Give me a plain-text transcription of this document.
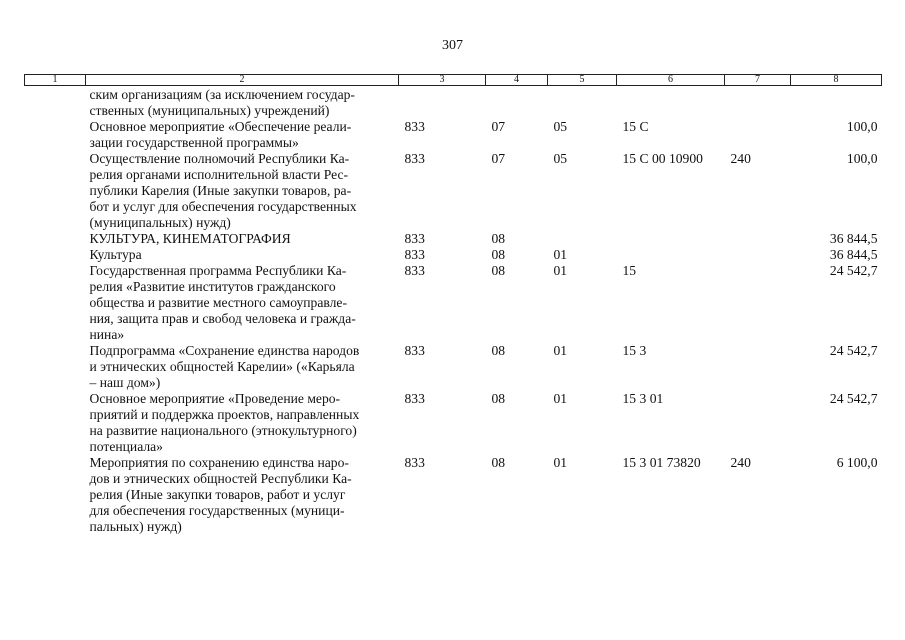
307
1	2	3	4	5	6	7	8

	ским организациям (за исключением государ-
ственных (муниципальных) учреждений)						

	Основное мероприятие «Обеспечение реали-
зации государственной программы»	833	07	05	15 С		100,0

	Осуществление полномочий Республики Ка-
релия органами исполнительной власти Рес-
публики Карелия (Иные закупки товаров, ра-
бот и услуг для обеспечения государственных
(муниципальных) нужд)	833	07	05	15 С 00 10900	240	100,0

	КУЛЬТУРА, КИНЕМАТОГРАФИЯ	833	08				36 844,5

	Культура	833	08	01			36 844,5

	Государственная программа Республики Ка-
релия «Развитие институтов гражданского
общества и развитие местного самоуправле-
ния, защита прав и свобод человека и гражда-
нина»	833	08	01	15		24 542,7

	Подпрограмма «Сохранение единства народов
и этнических общностей Карелии» («Карьяла
– наш дом»)	833	08	01	15 3		24 542,7

	Основное мероприятие «Проведение меро-
приятий и поддержка проектов, направленных
на развитие национального (этнокультурного)
потенциала»	833	08	01	15 3 01		24 542,7

	Мероприятия по сохранению единства наро-
дов и этнических общностей Республики Ка-
релия (Иные закупки товаров, работ и услуг
для обеспечения государственных (муници-
пальных) нужд)	833	08	01	15 3 01 73820	240	6 100,0
